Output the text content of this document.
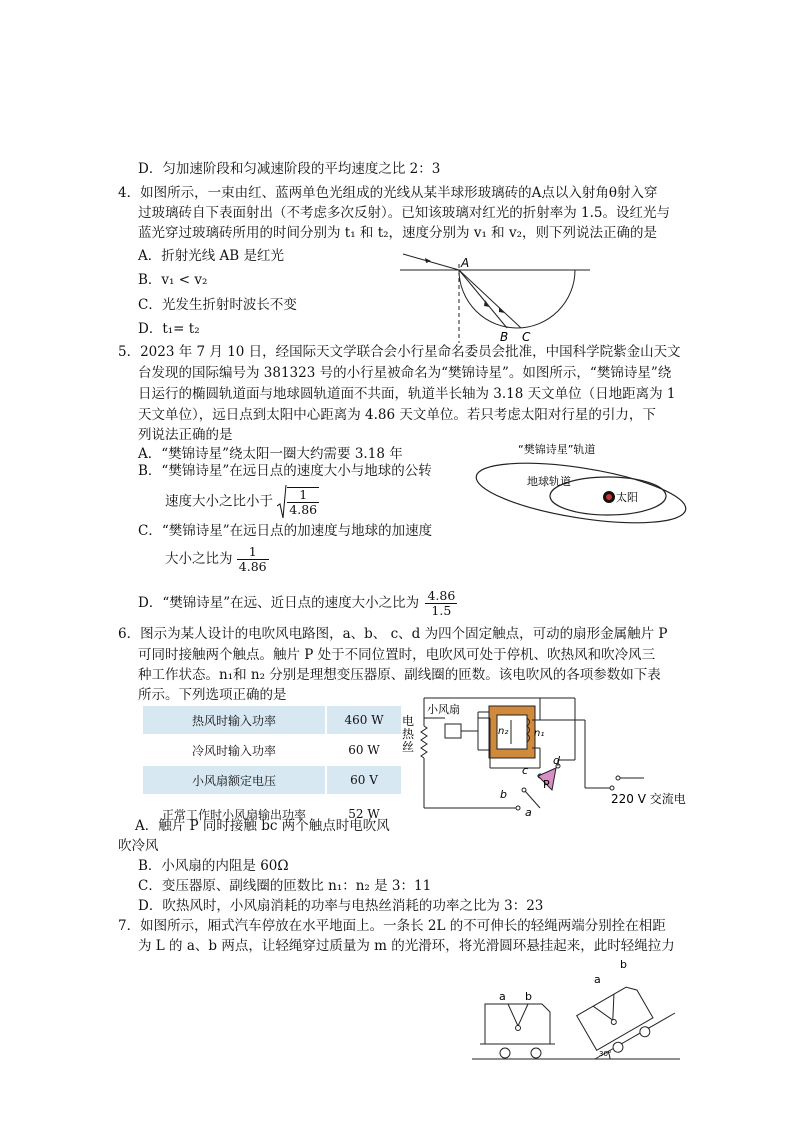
D．匀加速阶段和匀减速阶段的平均速度之比 2：3
4．如图所示，一束由红、蓝两单色光组成的光线从某半球形玻璃砖的A点以入射角θ射入穿
过玻璃砖自下表面射出（不考虑多次反射）。已知该玻璃对红光的折射率为 1.5。设红光与
蓝光穿过玻璃砖所用的时间分别为 t₁ 和 t₂，速度分别为 v₁ 和 v₂，则下列说法正确的是
A．折射光线 AB 是红光
B．v₁ < v₂
C．光发生折射时波长不变
D．t₁= t₂
A
B C
5．2023 年 7 月 10 日，经国际天文学联合会小行星命名委员会批准，中国科学院紫金山天文
台发现的国际编号为 381323 号的小行星被命名为“樊锦诗星”。如图所示，“樊锦诗星”绕
日运行的椭圆轨道面与地球圆轨道面不共面，轨道半长轴为 3.18 天文单位（日地距离为 1
天文单位），远日点到太阳中心距离为 4.86 天文单位。若只考虑太阳对行星的引力，下
列说法正确的是
A．“樊锦诗星”绕太阳一圈大约需要 3.18 年
B．“樊锦诗星”在远日点的速度大小与地球的公转
速度大小之比小于 $\frac{1}{4.86}$
C．“樊锦诗星”在远日点的加速度与地球的加速度
大小之比为 $\frac{1}{4.86}$
D．“樊锦诗星”在远、近日点的速度大小之比为 $\frac{4.86}{1.5}$
“樊锦诗星”轨道
地球轨道
太阳
6．图示为某人设计的电吹风电路图，a、b、 c、d 为四个固定触点，可动的扇形金属触片 P
可同时接触两个触点。触片 P 处于不同位置时，电吹风可处于停机、吹热风和吹冷风三
种工作状态。n₁和 n₂ 分别是理想变压器原、副线圈的匝数。该电吹风的各项参数如下表
所示。下列选项正确的是
热风时输入功率	460 W
冷风时输入功率	60 W
小风扇额定电压	60 V
正常工作时小风扇输出功率	52 W
小风扇
电 热丝
n₂	n₁
a
b
c
d
P
220 V 交流电
A．触片 P 同时接触 bc 两个触点时电吹风
吹冷风
B．小风扇的内阻是 60Ω
C．变压器原、副线圈的匝数比 n₁：n₂ 是 3：11
D．吹热风时，小风扇消耗的功率与电热丝消耗的功率之比为 3：23
7．如图所示，厢式汽车停放在水平地面上。一条长 2L 的不可伸长的轻绳两端分别拴在相距
为 L 的 a、b 两点，让轻绳穿过质量为 m 的光滑环，将光滑圆环悬挂起来，此时轻绳拉力
a b
a
b
30°
